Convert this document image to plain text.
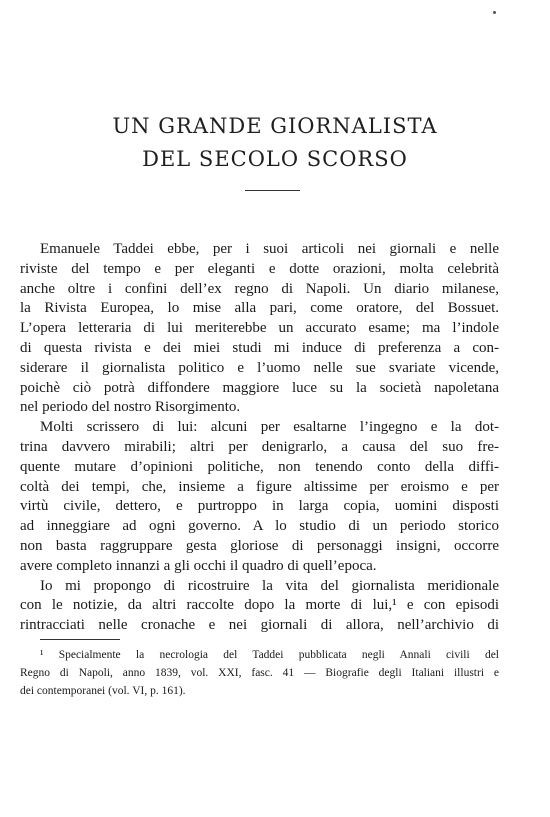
UN GRANDE GIORNALISTA
DEL SECOLO SCORSO
Emanuele Taddei ebbe, per i suoi articoli nei giornali e nelle
riviste del tempo e per eleganti e dotte orazioni, molta celebrità
anche oltre i confini dell’ex regno di Napoli. Un diario milanese,
la Rivista Europea, lo mise alla pari, come oratore, del Bossuet.
L’opera letteraria di lui meriterebbe un accurato esame; ma l’indole
di questa rivista e dei miei studi mi induce di preferenza a con-
siderare il giornalista politico e l’uomo nelle sue svariate vicende,
poichè ciò potrà diffondere maggiore luce su la società napoletana
nel periodo del nostro Risorgimento.
Molti scrissero di lui: alcuni per esaltarne l’ingegno e la dot-
trina davvero mirabili; altri per denigrarlo, a causa del suo fre-
quente mutare d’opinioni politiche, non tenendo conto della diffi-
coltà dei tempi, che, insieme a figure altissime per eroismo e per
virtù civile, dettero, e purtroppo in larga copia, uomini disposti
ad inneggiare ad ogni governo. A lo studio di un periodo storico
non basta raggruppare gesta gloriose di personaggi insigni, occorre
avere completo innanzi a gli occhi il quadro di quell’epoca.
Io mi propongo di ricostruire la vita del giornalista meridionale
¹ Specialmente la necrologia del Taddei pubblicata negli Annali civili del
Regno di Napoli, anno 1839, vol. XXI, fasc. 41 — Biografie degli Italiani illustri e
dei contemporanei (vol. VI, p. 161).
con le notizie, da altri raccolte dopo la morte di lui,¹ e con episodi
rintracciati nelle cronache e nei giornali di allora, nell’archivio di
